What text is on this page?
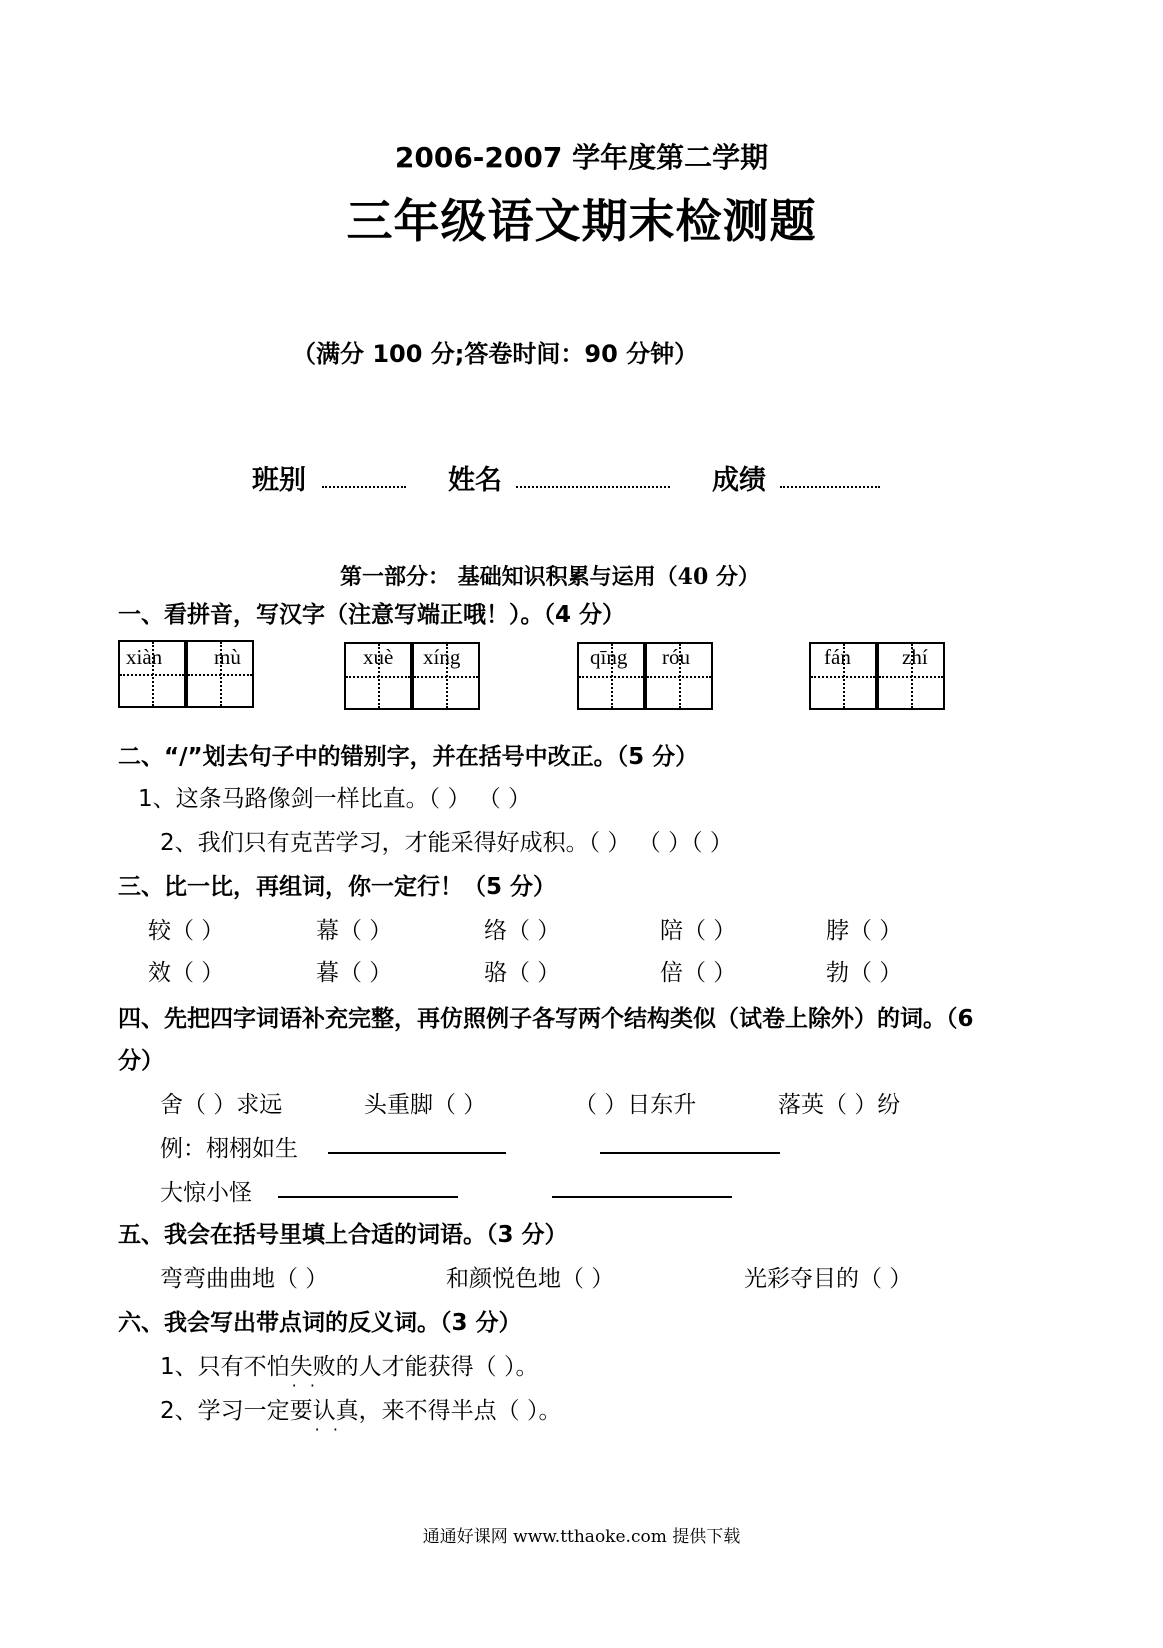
2006-2007 学年度第二学期
三年级语文期末检测题
（满分 100 分;答卷时间：90 分钟）
班别	姓名	成绩
第一部分： 基础知识积累与运用（40 分）
一、看拼音，写汉字（注意写端正哦！）。（4 分）
xiàn mù	xuè xíng	qīng róu	fán zhí
二、“/”划去句子中的错别字，并在括号中改正。（5 分）
1、这条马路像剑一样比直。（ ） （ ）
2、我们只有克苦学习，才能采得好成积。（ ） （ ）（ ）
三、比一比，再组词，你一定行！（5 分）
较（ ）	幕（ ）	络（ ）	陪（ ）	脖（ ）
效（ ）	暮（ ）	骆（ ）	倍（ ）	勃（ ）
四、先把四字词语补充完整，再仿照例子各写两个结构类似（试卷上除外）的词。（6
分）
舍（ ）求远	头重脚（ ）	（ ）日东升	落英（ ）纷
例：栩栩如生
大惊小怪
五、我会在括号里填上合适的词语。（3 分）
弯弯曲曲地（ ）	和颜悦色地（ ）	光彩夺目的（ ）
六、我会写出带点词的反义词。（3 分）
1、只有不怕失败 · ·的人才能获得（ ）。
2、学习一定要认真 · ·，来不得半点（ ）。
通通好课网 www.tthaoke.com 提供下载
